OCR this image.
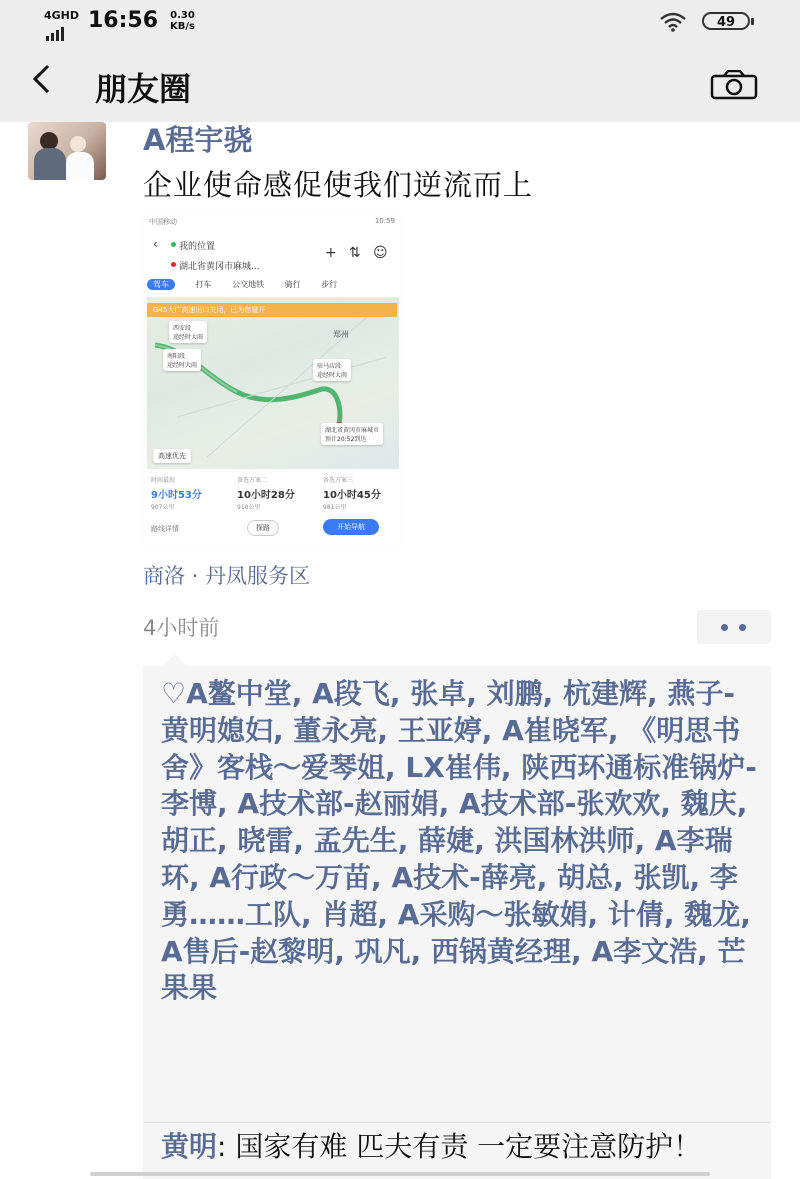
4GHD 16:56 0.30
KB/s	49
朋友圈
A程宇骁
企业使命感促使我们逆流而上
中国移动	10:59
‹ 我的位置
湖北省黄冈市麻城...
+ ⇅ ☺
驾车	打车	公交地铁	骑行	步行
G45大广高速出口关闭，已为您避开
西安段
途经时大雨
南阳段
途经时大雨	驻马店段
途经时大雨
湖北省黄冈市麻城市
预计20:52到达
郑州
高速优先
时间最短
9小时53分
907公里
备选方案二
10小时28分
910公里
备选方案三
10小时45分
981公里
路线详情	探路	开始导航
商洛 · 丹凤服务区
4小时前
♡A鳌中堂, A段飞, 张卓, 刘鹏, 杭建辉, 燕子-黄明媳妇, 董永亮, 王亚婷, A崔晓军, 《明思书舍》客栈～爱琴姐, LX崔伟, 陕西环通标准锅炉-李博, A技术部-赵丽娟, A技术部-张欢欢, 魏庆, 胡正, 晓雷, 孟先生, 薛婕, 洪国林洪师, A李瑞环, A行政～万苗, A技术-薛亮, 胡总, 张凯, 李勇……工队, 肖超, A采购～张敏娟, 计倩, 魏龙, A售后-赵黎明, 巩凡, 西锅黄经理, A李文浩, 芒果果
黄明: 国家有难 匹夫有责 一定要注意防护！
